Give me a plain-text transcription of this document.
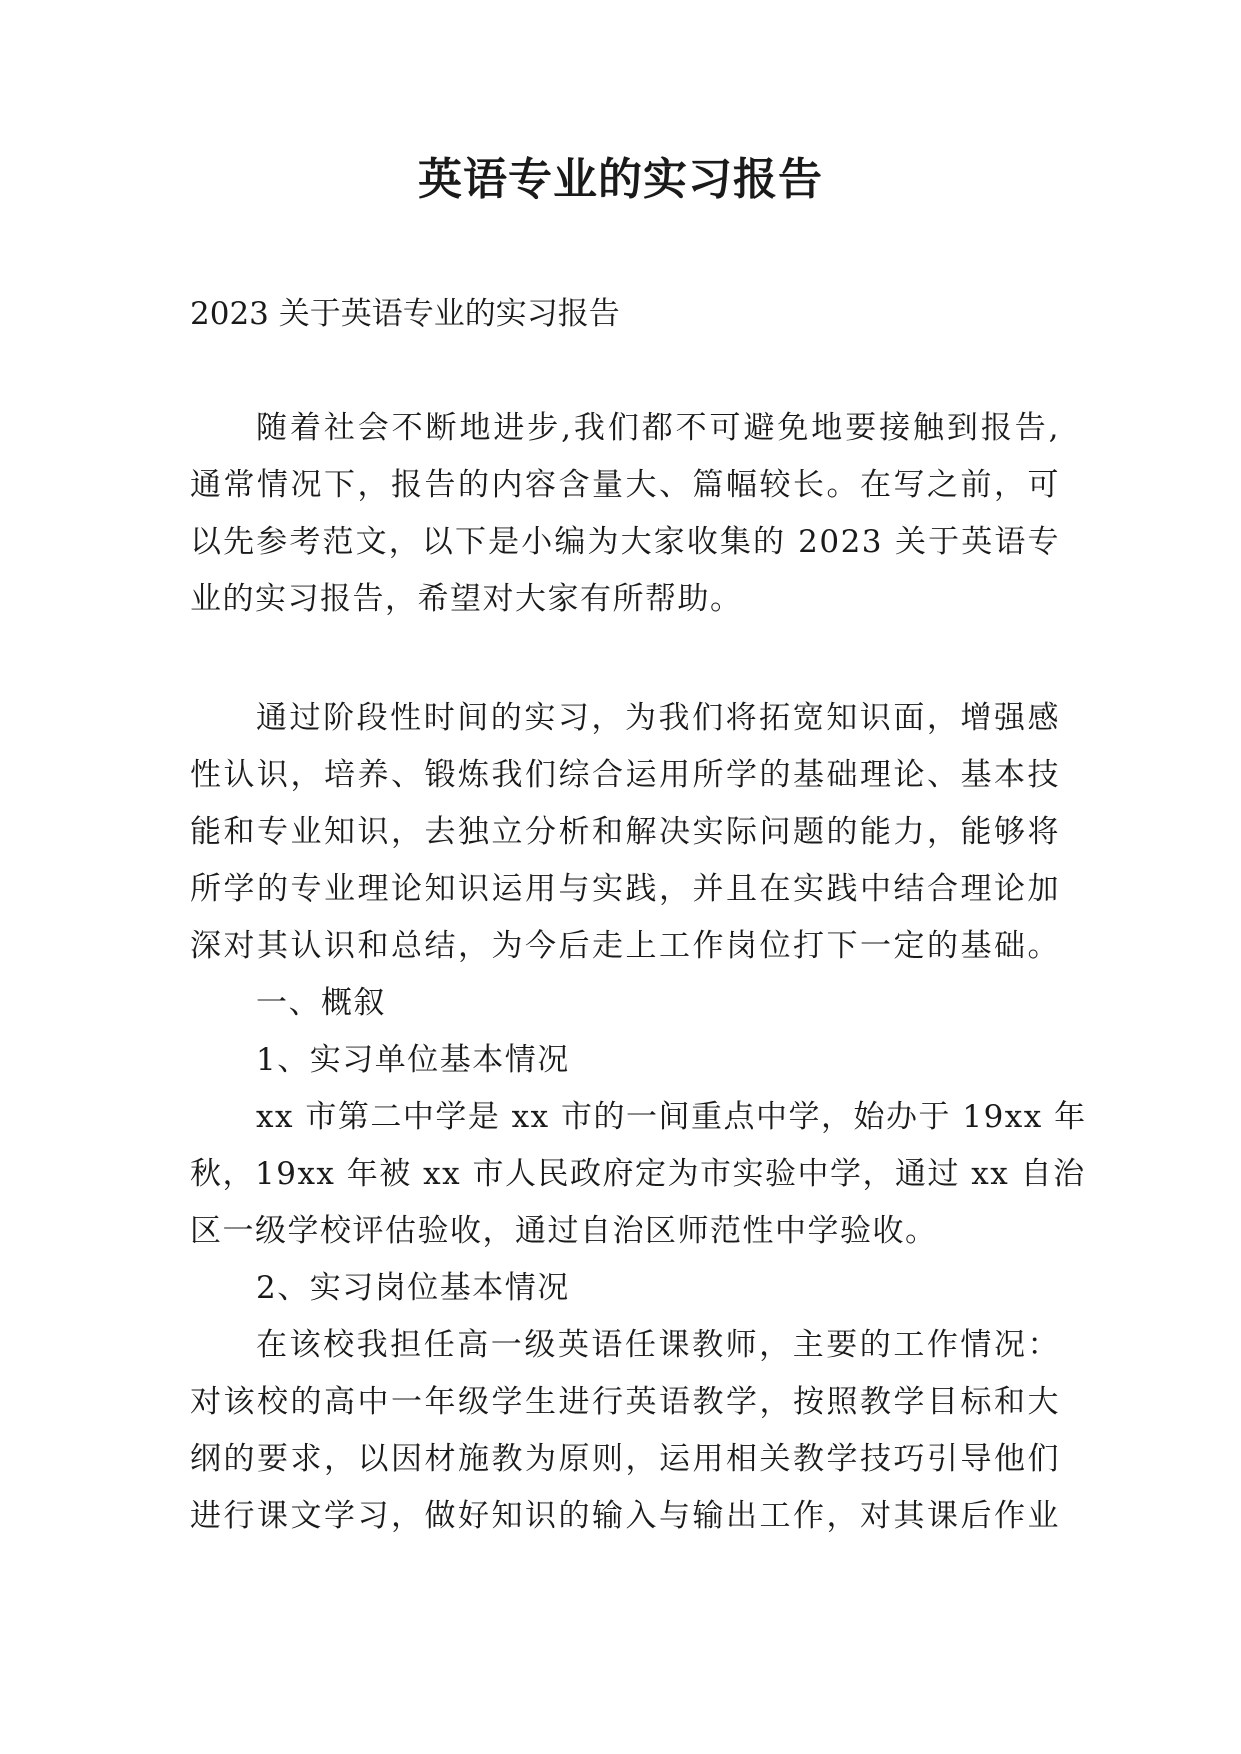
英语专业的实习报告
2023 关于英语专业的实习报告
随着社会不断地进步,我们都不可避免地要接触到报告,
通常情况下，报告的内容含量大、篇幅较长。在写之前，可
以先参考范文，以下是小编为大家收集的 2023 关于英语专
业的实习报告，希望对大家有所帮助。
通过阶段性时间的实习，为我们将拓宽知识面，增强感
性认识，培养、锻炼我们综合运用所学的基础理论、基本技
能和专业知识，去独立分析和解决实际问题的能力，能够将
所学的专业理论知识运用与实践，并且在实践中结合理论加
深对其认识和总结，为今后走上工作岗位打下一定的基础。
一、概叙
1、实习单位基本情况
xx 市第二中学是 xx 市的一间重点中学，始办于 19xx 年
秋，19xx 年被 xx 市人民政府定为市实验中学，通过 xx 自治
区一级学校评估验收，通过自治区师范性中学验收。
2、实习岗位基本情况
在该校我担任高一级英语任课教师，主要的工作情况：
对该校的高中一年级学生进行英语教学，按照教学目标和大
纲的要求，以因材施教为原则，运用相关教学技巧引导他们
进行课文学习，做好知识的输入与输出工作，对其课后作业
